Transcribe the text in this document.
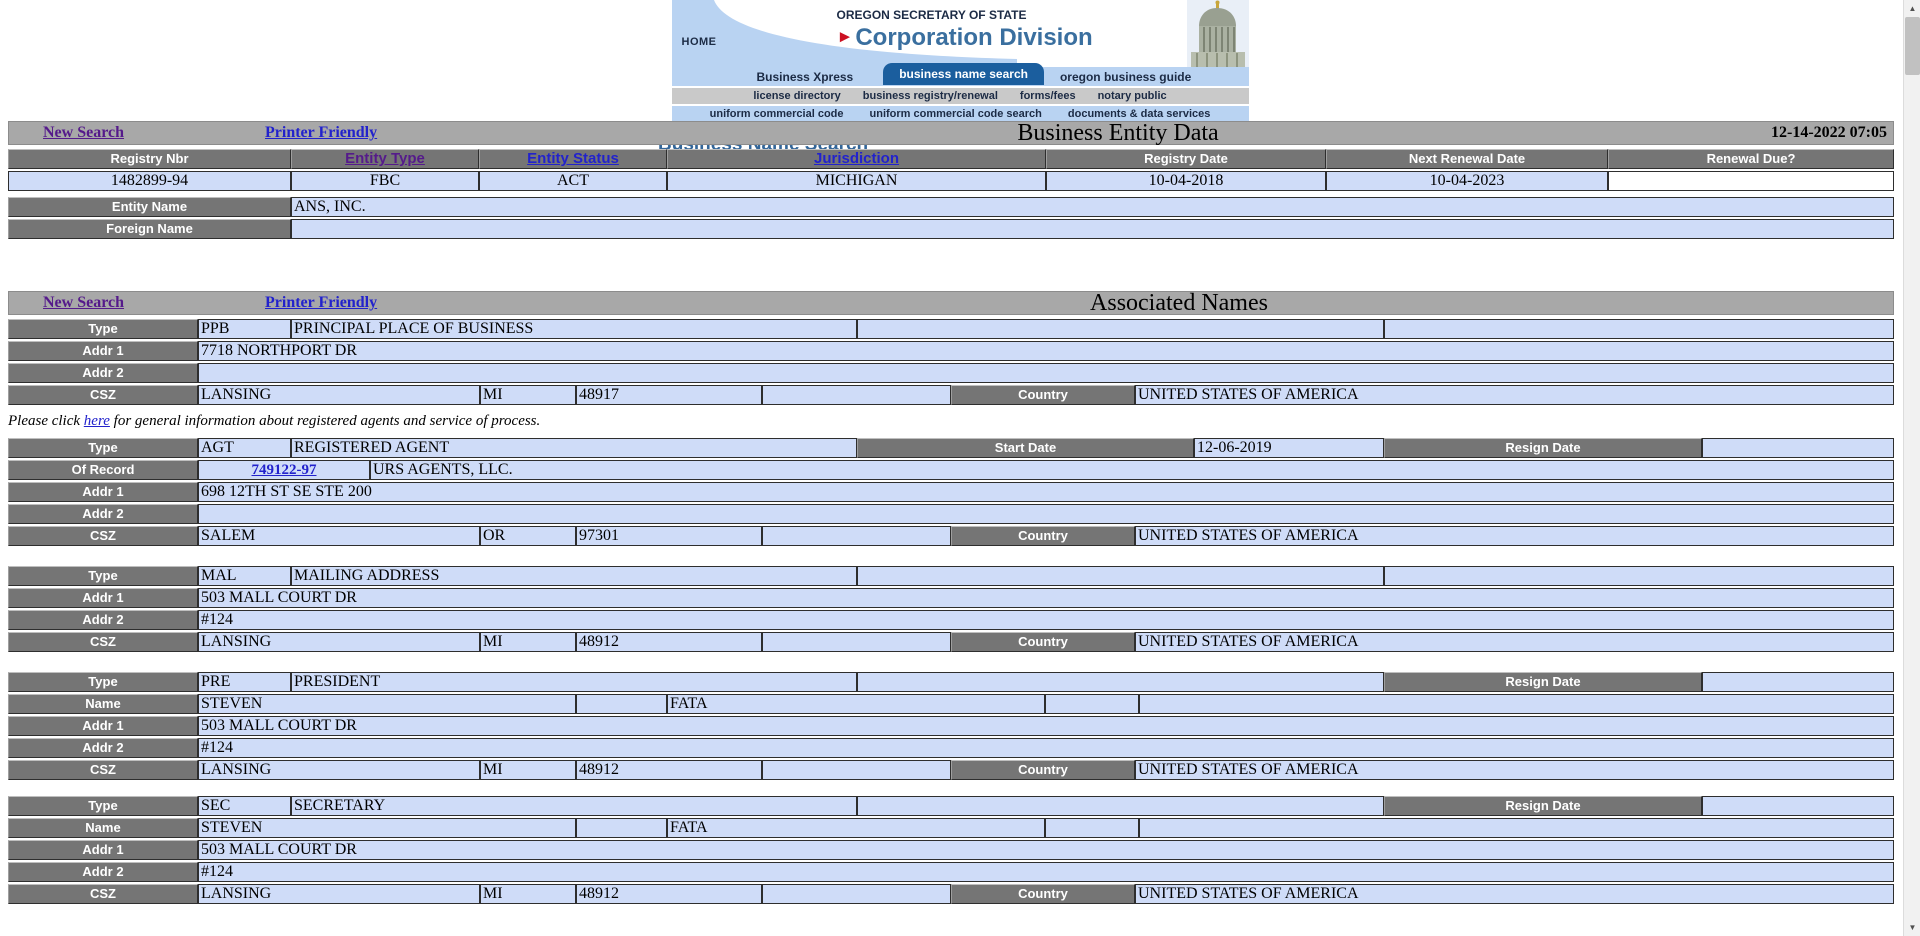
HOME
OREGON SECRETARY OF STATE
►Corporation Division
Business Xpress	business name search	oregon business guide
license directory business registry/renewal forms/fees notary public
uniform commercial code uniform commercial code search documents & data services
New Search	Printer Friendly	Business Entity Data	12-14-2022 07:05
Registry Nbr	Entity Type	Entity Status	Jurisdiction	Registry Date	Next Renewal Date	Renewal Due?
1482899-94	FBC	ACT	MICHIGAN	10-04-2018	10-04-2023
Entity Name	ANS, INC.
Foreign Name
New Search	Printer Friendly	Associated Names
Type	PPB	PRINCIPAL PLACE OF BUSINESS
Addr 1	7718 NORTHPORT DR
Addr 2
CSZ	LANSING	MI	48917	Country	UNITED STATES OF AMERICA
Please click here for general information about registered agents and service of process.
Type	AGT	REGISTERED AGENT	Start Date	12-06-2019	Resign Date
Of Record	749122-97	URS AGENTS, LLC.
Addr 1	698 12TH ST SE STE 200
Addr 2
CSZ	SALEM	OR	97301	Country	UNITED STATES OF AMERICA
Type	MAL	MAILING ADDRESS
Addr 1	503 MALL COURT DR
Addr 2	#124
CSZ	LANSING	MI	48912	Country	UNITED STATES OF AMERICA
Type	PRE	PRESIDENT	Resign Date
Name	STEVEN	FATA
Addr 1	503 MALL COURT DR
Addr 2	#124
CSZ	LANSING	MI	48912	Country	UNITED STATES OF AMERICA
Type	SEC	SECRETARY	Resign Date
Name	STEVEN	FATA
Addr 1	503 MALL COURT DR
Addr 2	#124
CSZ	LANSING	MI	48912	Country	UNITED STATES OF AMERICA
▲
▼
